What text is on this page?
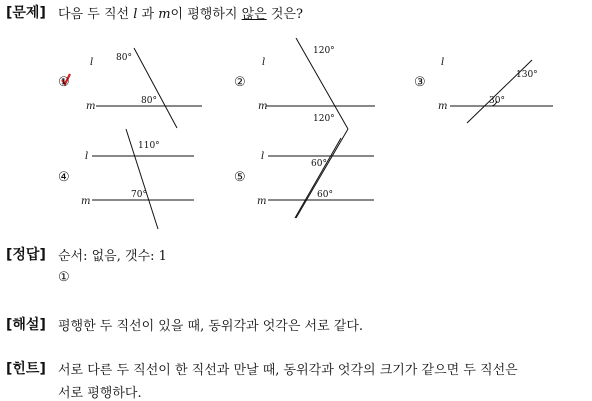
[문제] 다음 두 직선 l 과 m이 평행하지 않은 것은?
①	②	③
④	⑤
l
m
l
m
l
m
l
m
l
m
80°
80°
120°
120°
130°
30°
110°
70°
60°
60°
[정답] 순서: 없음, 갯수: 1
①
[해설] 평행한 두 직선이 있을 때, 동위각과 엇각은 서로 같다.
[힌트] 서로 다른 두 직선이 한 직선과 만날 때, 동위각과 엇각의 크기가 같으면 두 직선은
서로 평행하다.
